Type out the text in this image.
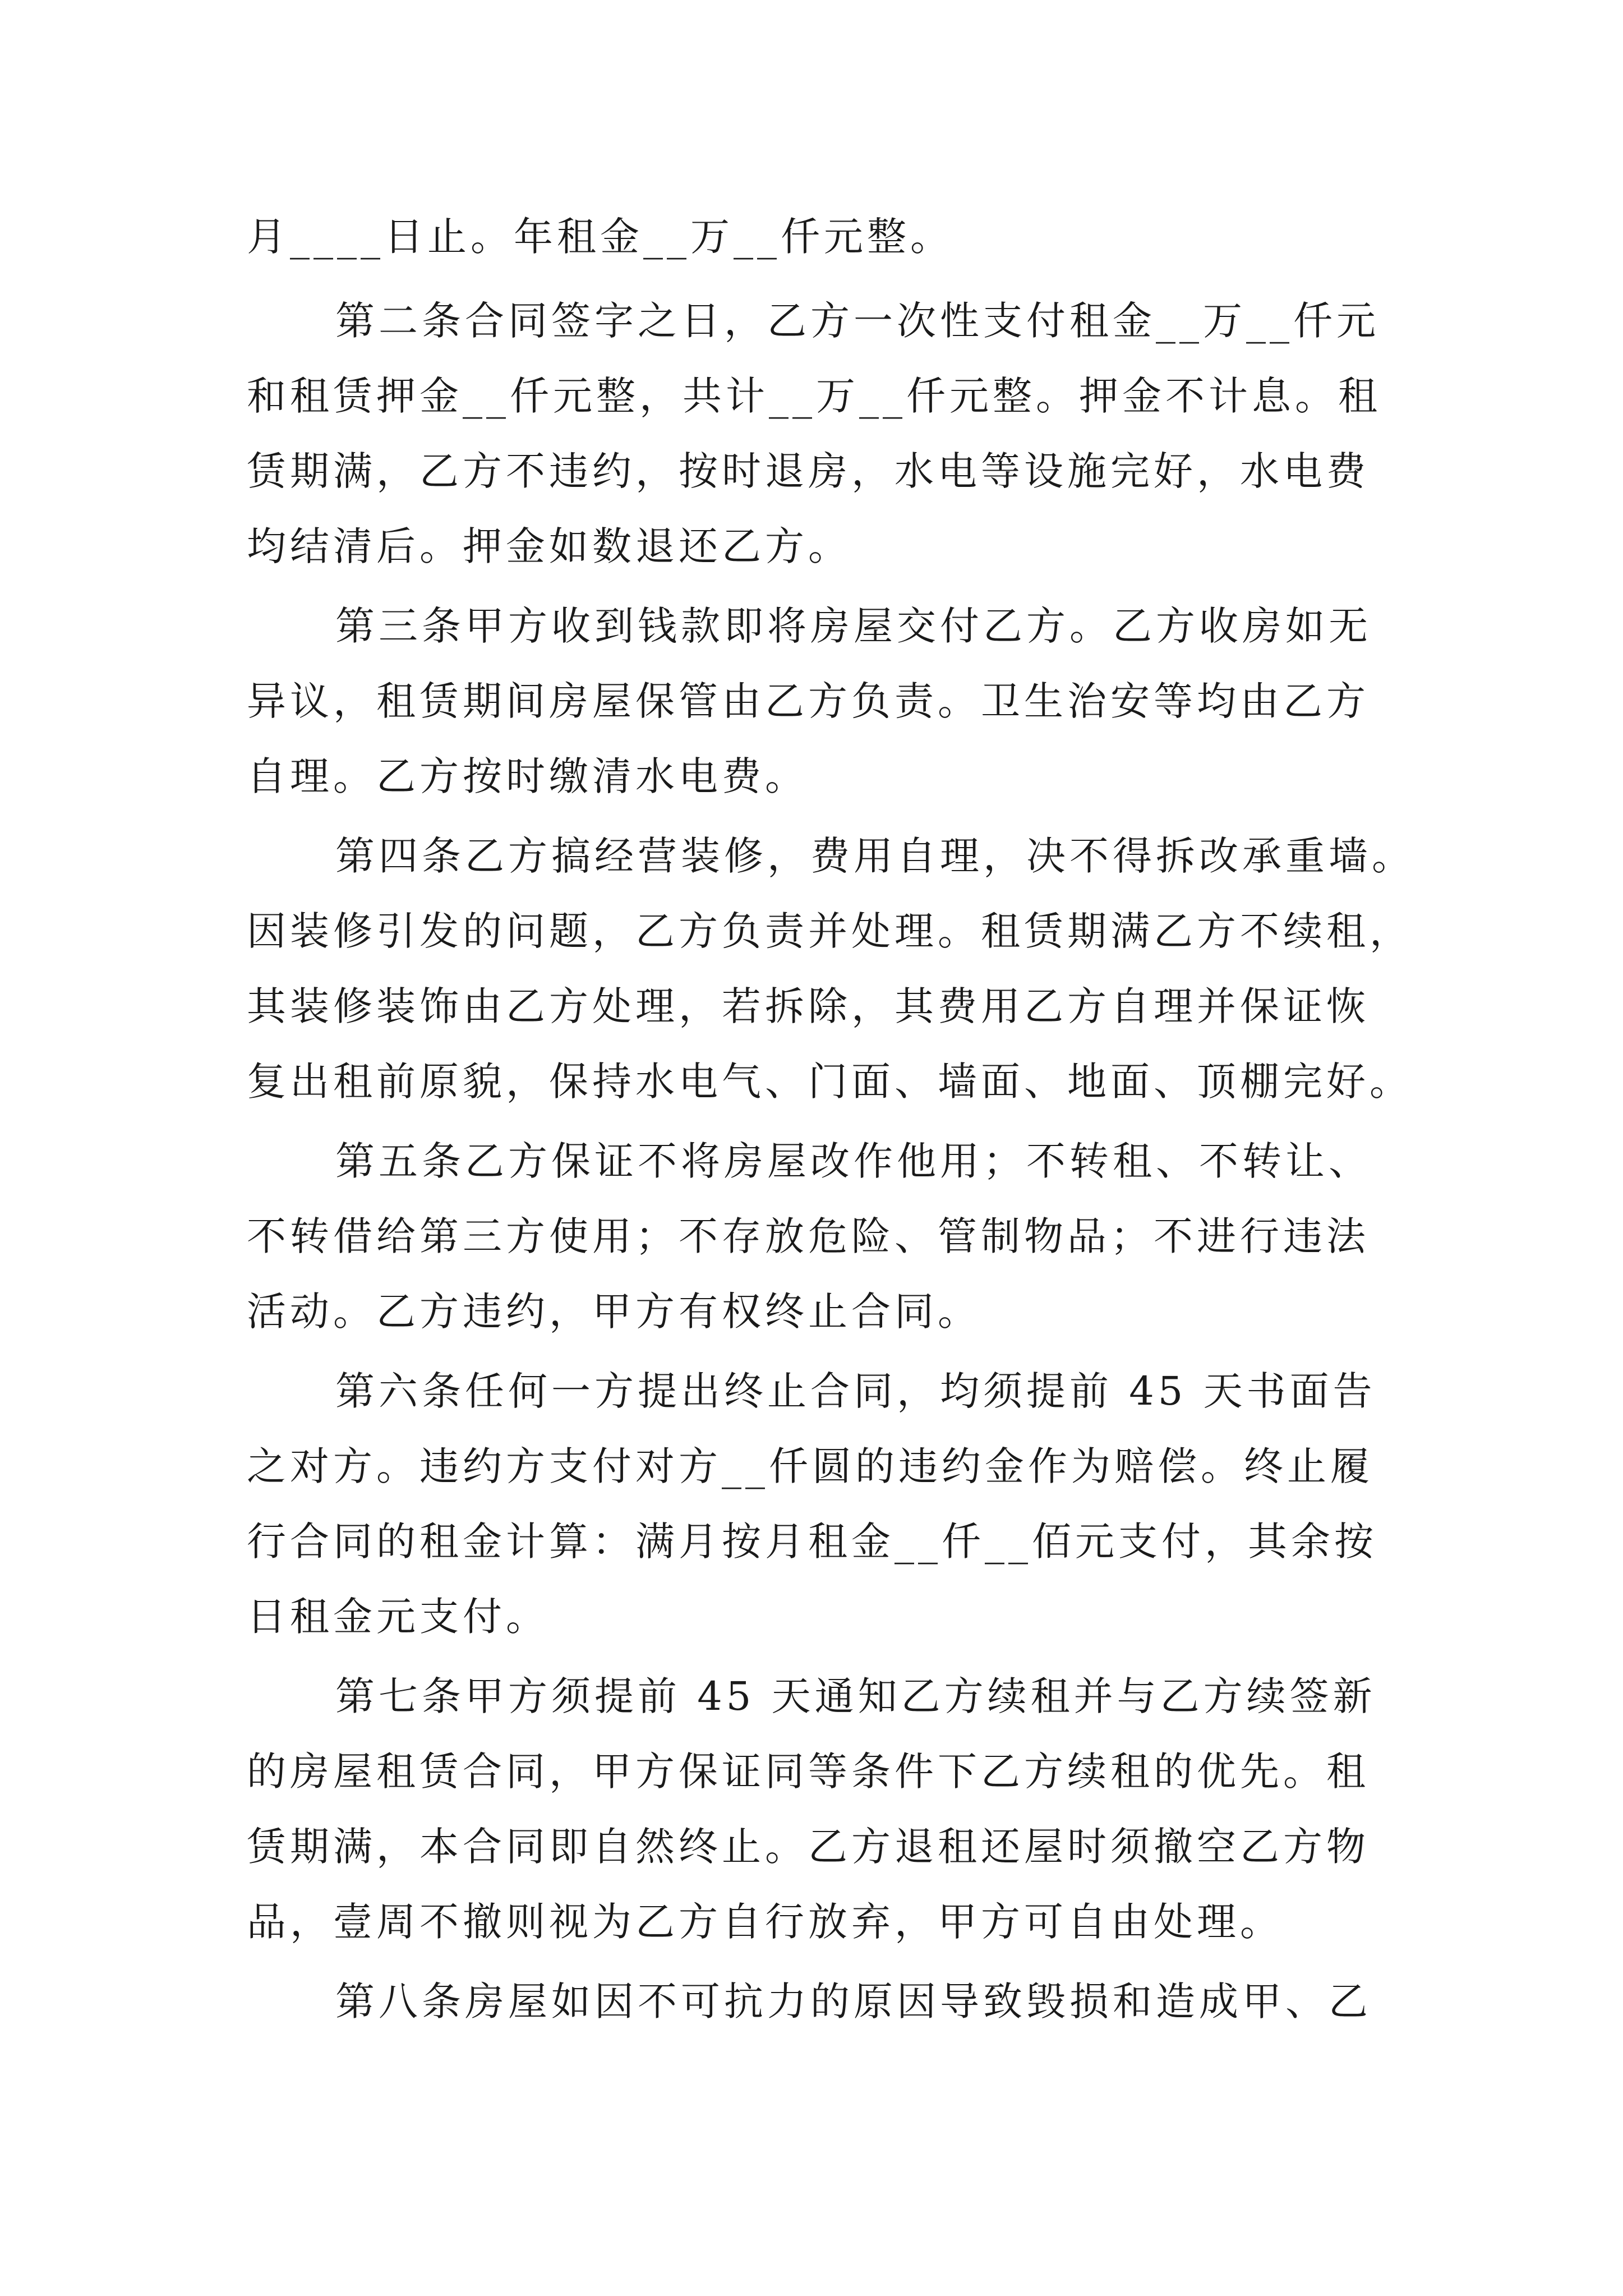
月____日止。年租金__万__仟元整。
第二条合同签字之日，乙方一次性支付租金__万__仟元
和租赁押金__仟元整，共计__万__仟元整。押金不计息。租
赁期满，乙方不违约，按时退房，水电等设施完好，水电费
均结清后。押金如数退还乙方。
第三条甲方收到钱款即将房屋交付乙方。乙方收房如无
异议，租赁期间房屋保管由乙方负责。卫生治安等均由乙方
自理。乙方按时缴清水电费。
第四条乙方搞经营装修，费用自理，决不得拆改承重墙。
因装修引发的问题，乙方负责并处理。租赁期满乙方不续租，
其装修装饰由乙方处理，若拆除，其费用乙方自理并保证恢
复出租前原貌，保持水电气、门面、墙面、地面、顶棚完好。
第五条乙方保证不将房屋改作他用；不转租、不转让、
不转借给第三方使用；不存放危险、管制物品；不进行违法
活动。乙方违约，甲方有权终止合同。
第六条任何一方提出终止合同，均须提前 45 天书面告
之对方。违约方支付对方__仟圆的违约金作为赔偿。终止履
行合同的租金计算：满月按月租金__仟__佰元支付，其余按
日租金元支付。
第七条甲方须提前 45 天通知乙方续租并与乙方续签新
的房屋租赁合同，甲方保证同等条件下乙方续租的优先。租
赁期满，本合同即自然终止。乙方退租还屋时须撤空乙方物
品，壹周不撤则视为乙方自行放弃，甲方可自由处理。
第八条房屋如因不可抗力的原因导致毁损和造成甲、乙
